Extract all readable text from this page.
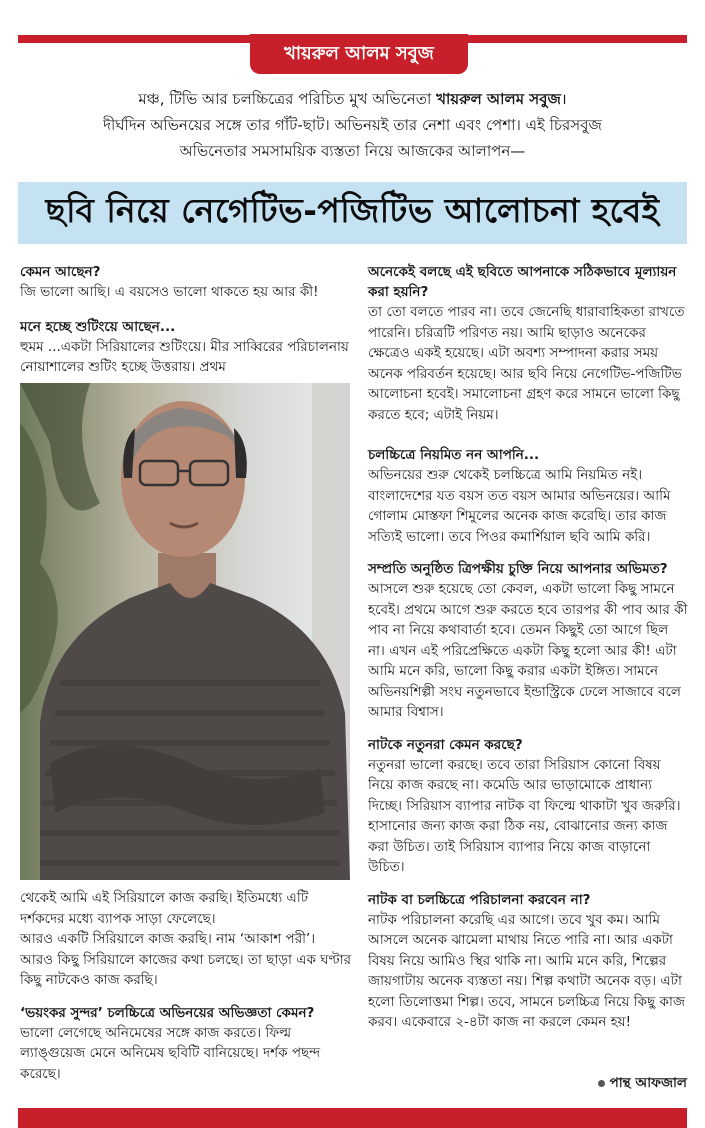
খায়রুল আলম সবুজ
মঞ্চ, টিভি আর চলচ্চিত্রের পরিচিত মুখ অভিনেতা খায়রুল আলম সবুজ।
দীর্ঘদিন অভিনয়ের সঙ্গে তার গাঁট-ছাট। অভিনয়ই তার নেশা এবং পেশা। এই চিরসবুজ
অভিনেতার সমসাময়িক ব্যস্ততা নিয়ে আজকের আলাপন—
ছবি নিয়ে নেগেটিভ-পজিটিভ আলোচনা হবেই
কেমন আছেন?
জি ভালো আছি। এ বয়সেও ভালো থাকতে হয় আর কী!
মনে হচ্ছে শুটিংয়ে আছেন...
হুমম ...একটা সিরিয়ালের শুটিংয়ে। মীর সাব্বিরের পরিচালনায় নোয়াশালের শুটিং হচ্ছে উত্তরায়। প্রথম
থেকেই আমি এই সিরিয়ালে কাজ করছি। ইতিমধ্যে এটি দর্শকদের মধ্যে ব্যাপক সাড়া ফেলেছে।
আরও একটি সিরিয়ালে কাজ করছি। নাম ‘আকাশ পরী’। আরও কিছু সিরিয়ালে কাজের কথা চলছে। তা ছাড়া এক ঘণ্টার কিছু নাটকেও কাজ করছি।
‘ভয়ংকর সুন্দর’ চলচ্চিত্রে অভিনয়ের অভিজ্ঞতা কেমন?
ভালো লেগেছে অনিমেষের সঙ্গে কাজ করতে। ফিল্ম ল্যাঙ্গুয়েজ মেনে অনিমেষ ছবিটি বানিয়েছে। দর্শক পছন্দ করেছে।
অনেকেই বলছে এই ছবিতে আপনাকে সঠিকভাবে মূল্যায়ন করা হয়নি?
তা তো বলতে পারব না। তবে জেনেছি ধারাবাহিকতা রাখতে পারেনি। চরিত্রটি পরিণত নয়। আমি ছাড়াও অনেকের ক্ষেত্রেও একই হয়েছে। এটা অবশ্য সম্পাদনা করার সময় অনেক পরিবর্তন হয়েছে। আর ছবি নিয়ে নেগেটিভ-পজিটিভ আলোচনা হবেই। সমালোচনা গ্রহণ করে সামনে ভালো কিছু করতে হবে; এটাই নিয়ম।
চলচ্চিত্রে নিয়মিত নন আপনি...
অভিনয়ের শুরু থেকেই চলচ্চিত্রে আমি নিয়মিত নই। বাংলাদেশের যত বয়স তত বয়স আমার অভিনয়ের। আমি গোলাম মোস্তফা শিমুলের অনেক কাজ করেছি। তার কাজ সত্যিই ভালো। তবে পিওর কমার্শিয়াল ছবি আমি করি।
সম্প্রতি অনুষ্ঠিত ত্রিপক্ষীয় চুক্তি নিয়ে আপনার অভিমত?
আসলে শুরু হয়েছে তো কেবল, একটা ভালো কিছু সামনে হবেই। প্রথমে আগে শুরু করতে হবে তারপর কী পাব আর কী পাব না নিয়ে কথাবার্তা হবে। তেমন কিছুই তো আগে ছিল না। এখন এই পরিপ্রেক্ষিতে একটা কিছু হলো আর কী! এটা আমি মনে করি, ভালো কিছু করার একটা ইঙ্গিত। সামনে অভিনয়শিল্পী সংঘ নতুনভাবে ইন্ডাস্ট্রিকে ঢেলে সাজাবে বলে আমার বিশ্বাস।
নাটকে নতুনরা কেমন করছে?
নতুনরা ভালো করছে। তবে তারা সিরিয়াস কোনো বিষয় নিয়ে কাজ করছে না। কমেডি আর ভাড়ামোকে প্রাধান্য দিচ্ছে। সিরিয়াস ব্যাপার নাটক বা ফিল্মে থাকাটা খুব জরুরি। হাসানোর জন্য কাজ করা ঠিক নয়, বোঝানোর জন্য কাজ করা উচিত। তাই সিরিয়াস ব্যাপার নিয়ে কাজ বাড়ানো উচিত।
নাটক বা চলচ্চিত্রে পরিচালনা করবেন না?
নাটক পরিচালনা করেছি এর আগে। তবে খুব কম। আমি আসলে অনেক ঝামেলা মাথায় নিতে পারি না। আর একটা বিষয় নিয়ে আমিও স্থির থাকি না। আমি মনে করি, শিল্পের জায়গাটায় অনেক ব্যস্ততা নয়। শিল্প কথাটা অনেক বড়। এটা হলো তিলোত্তমা শিল্প। তবে, সামনে চলচ্চিত্র নিয়ে কিছু কাজ করব। একেবারে ২-৪টা কাজ না করলে কেমন হয়!
পান্থ আফজাল
